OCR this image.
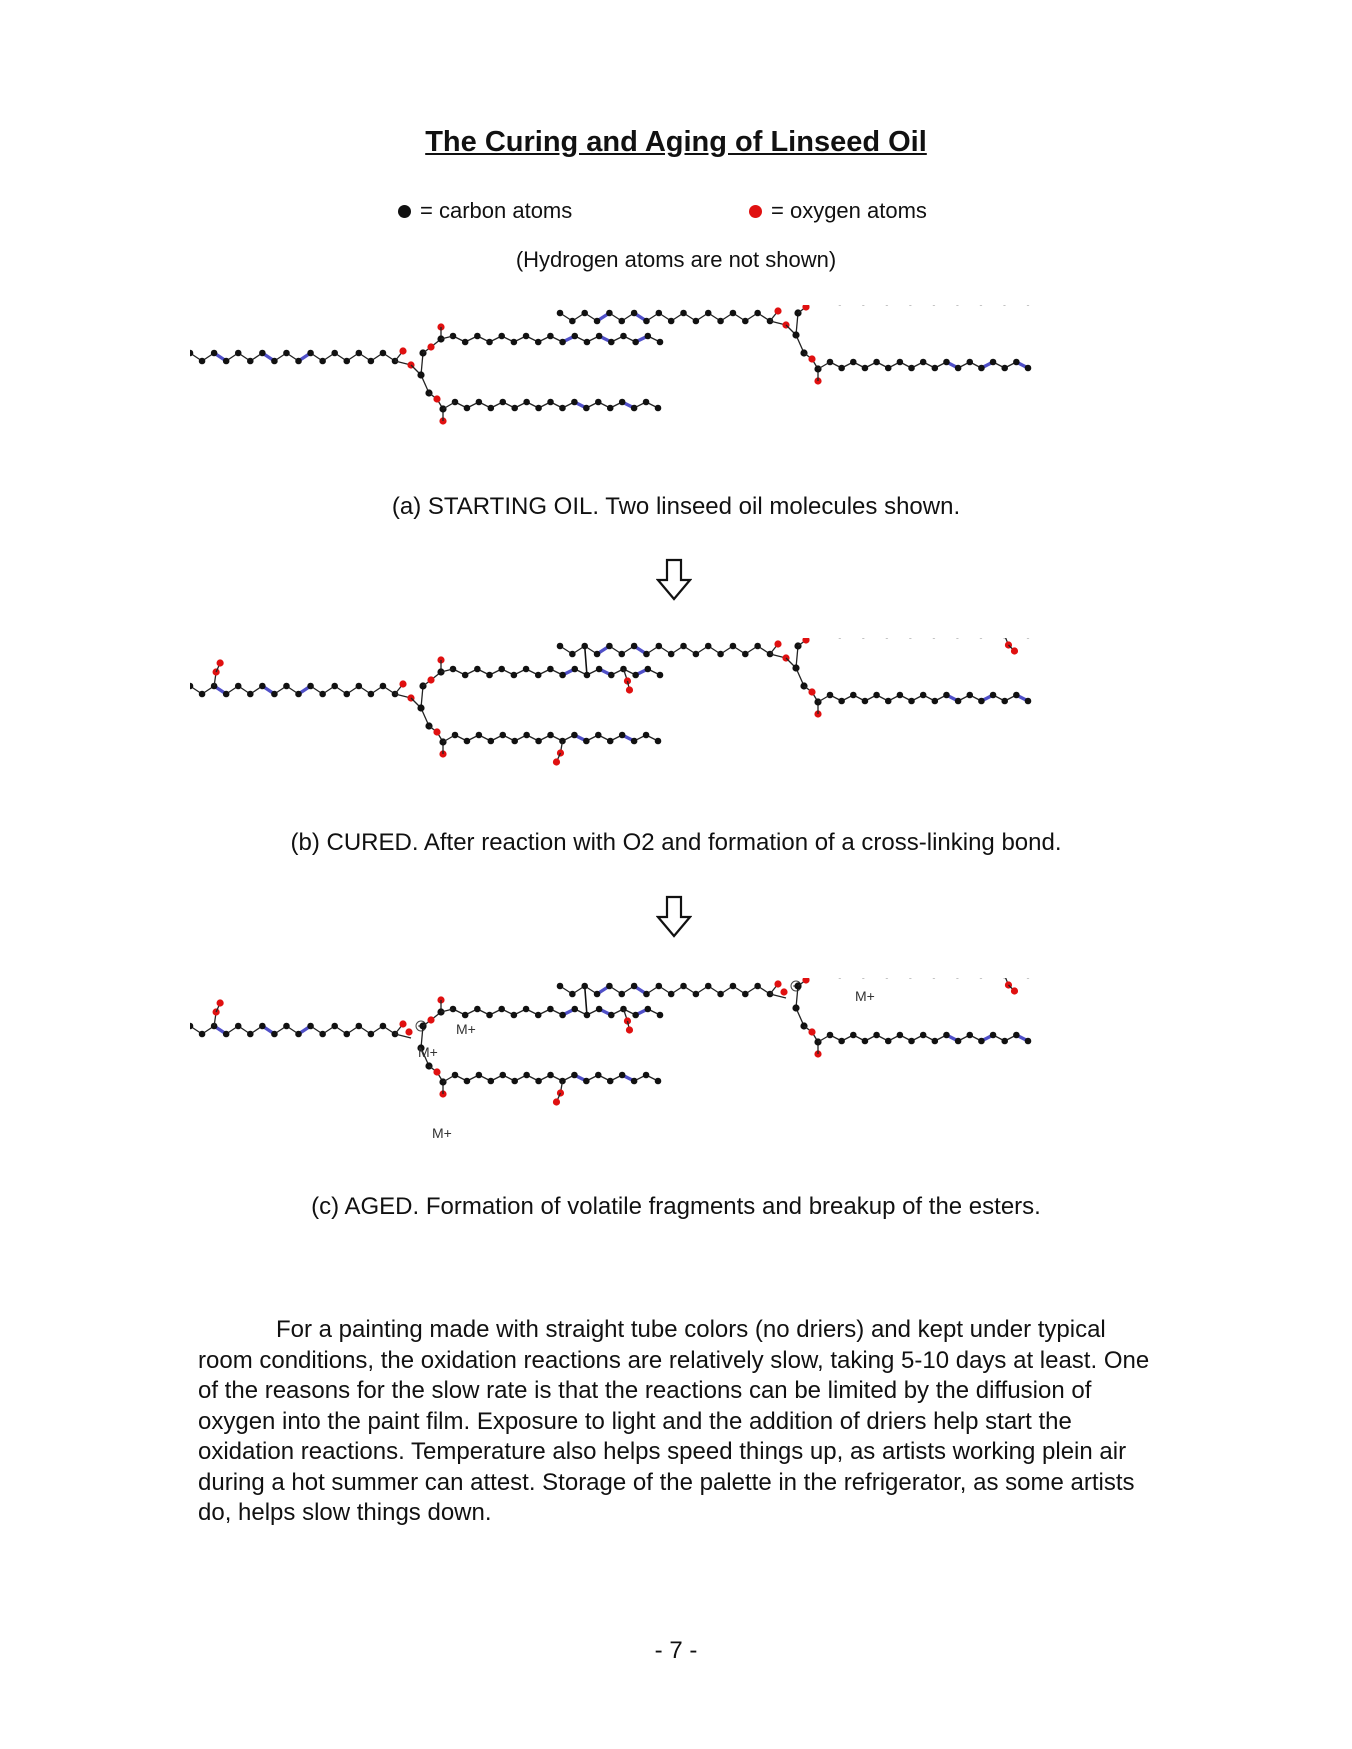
The Curing and Aging of Linseed Oil
= carbon atoms	= oxygen atoms
(Hydrogen atoms are not shown)
(a) STARTING OIL. Two linseed oil molecules shown.
(b) CURED. After reaction with O2 and formation of a cross-linking bond.
M+
M+
M+
M+
(c) AGED. Formation of volatile fragments and breakup of the esters.

For a painting made with straight tube colors (no driers) and kept under typical room conditions, the oxidation reactions are relatively slow, taking 5-10 days at least. One of the reasons for the slow rate is that the reactions can be limited by the diffusion of oxygen into the paint film. Exposure to light and the addition of driers help start the oxidation reactions. Temperature also helps speed things up, as artists working plein air during a hot summer can attest. Storage of the palette in the refrigerator, as some artists do, helps slow things down.

- 7 -
